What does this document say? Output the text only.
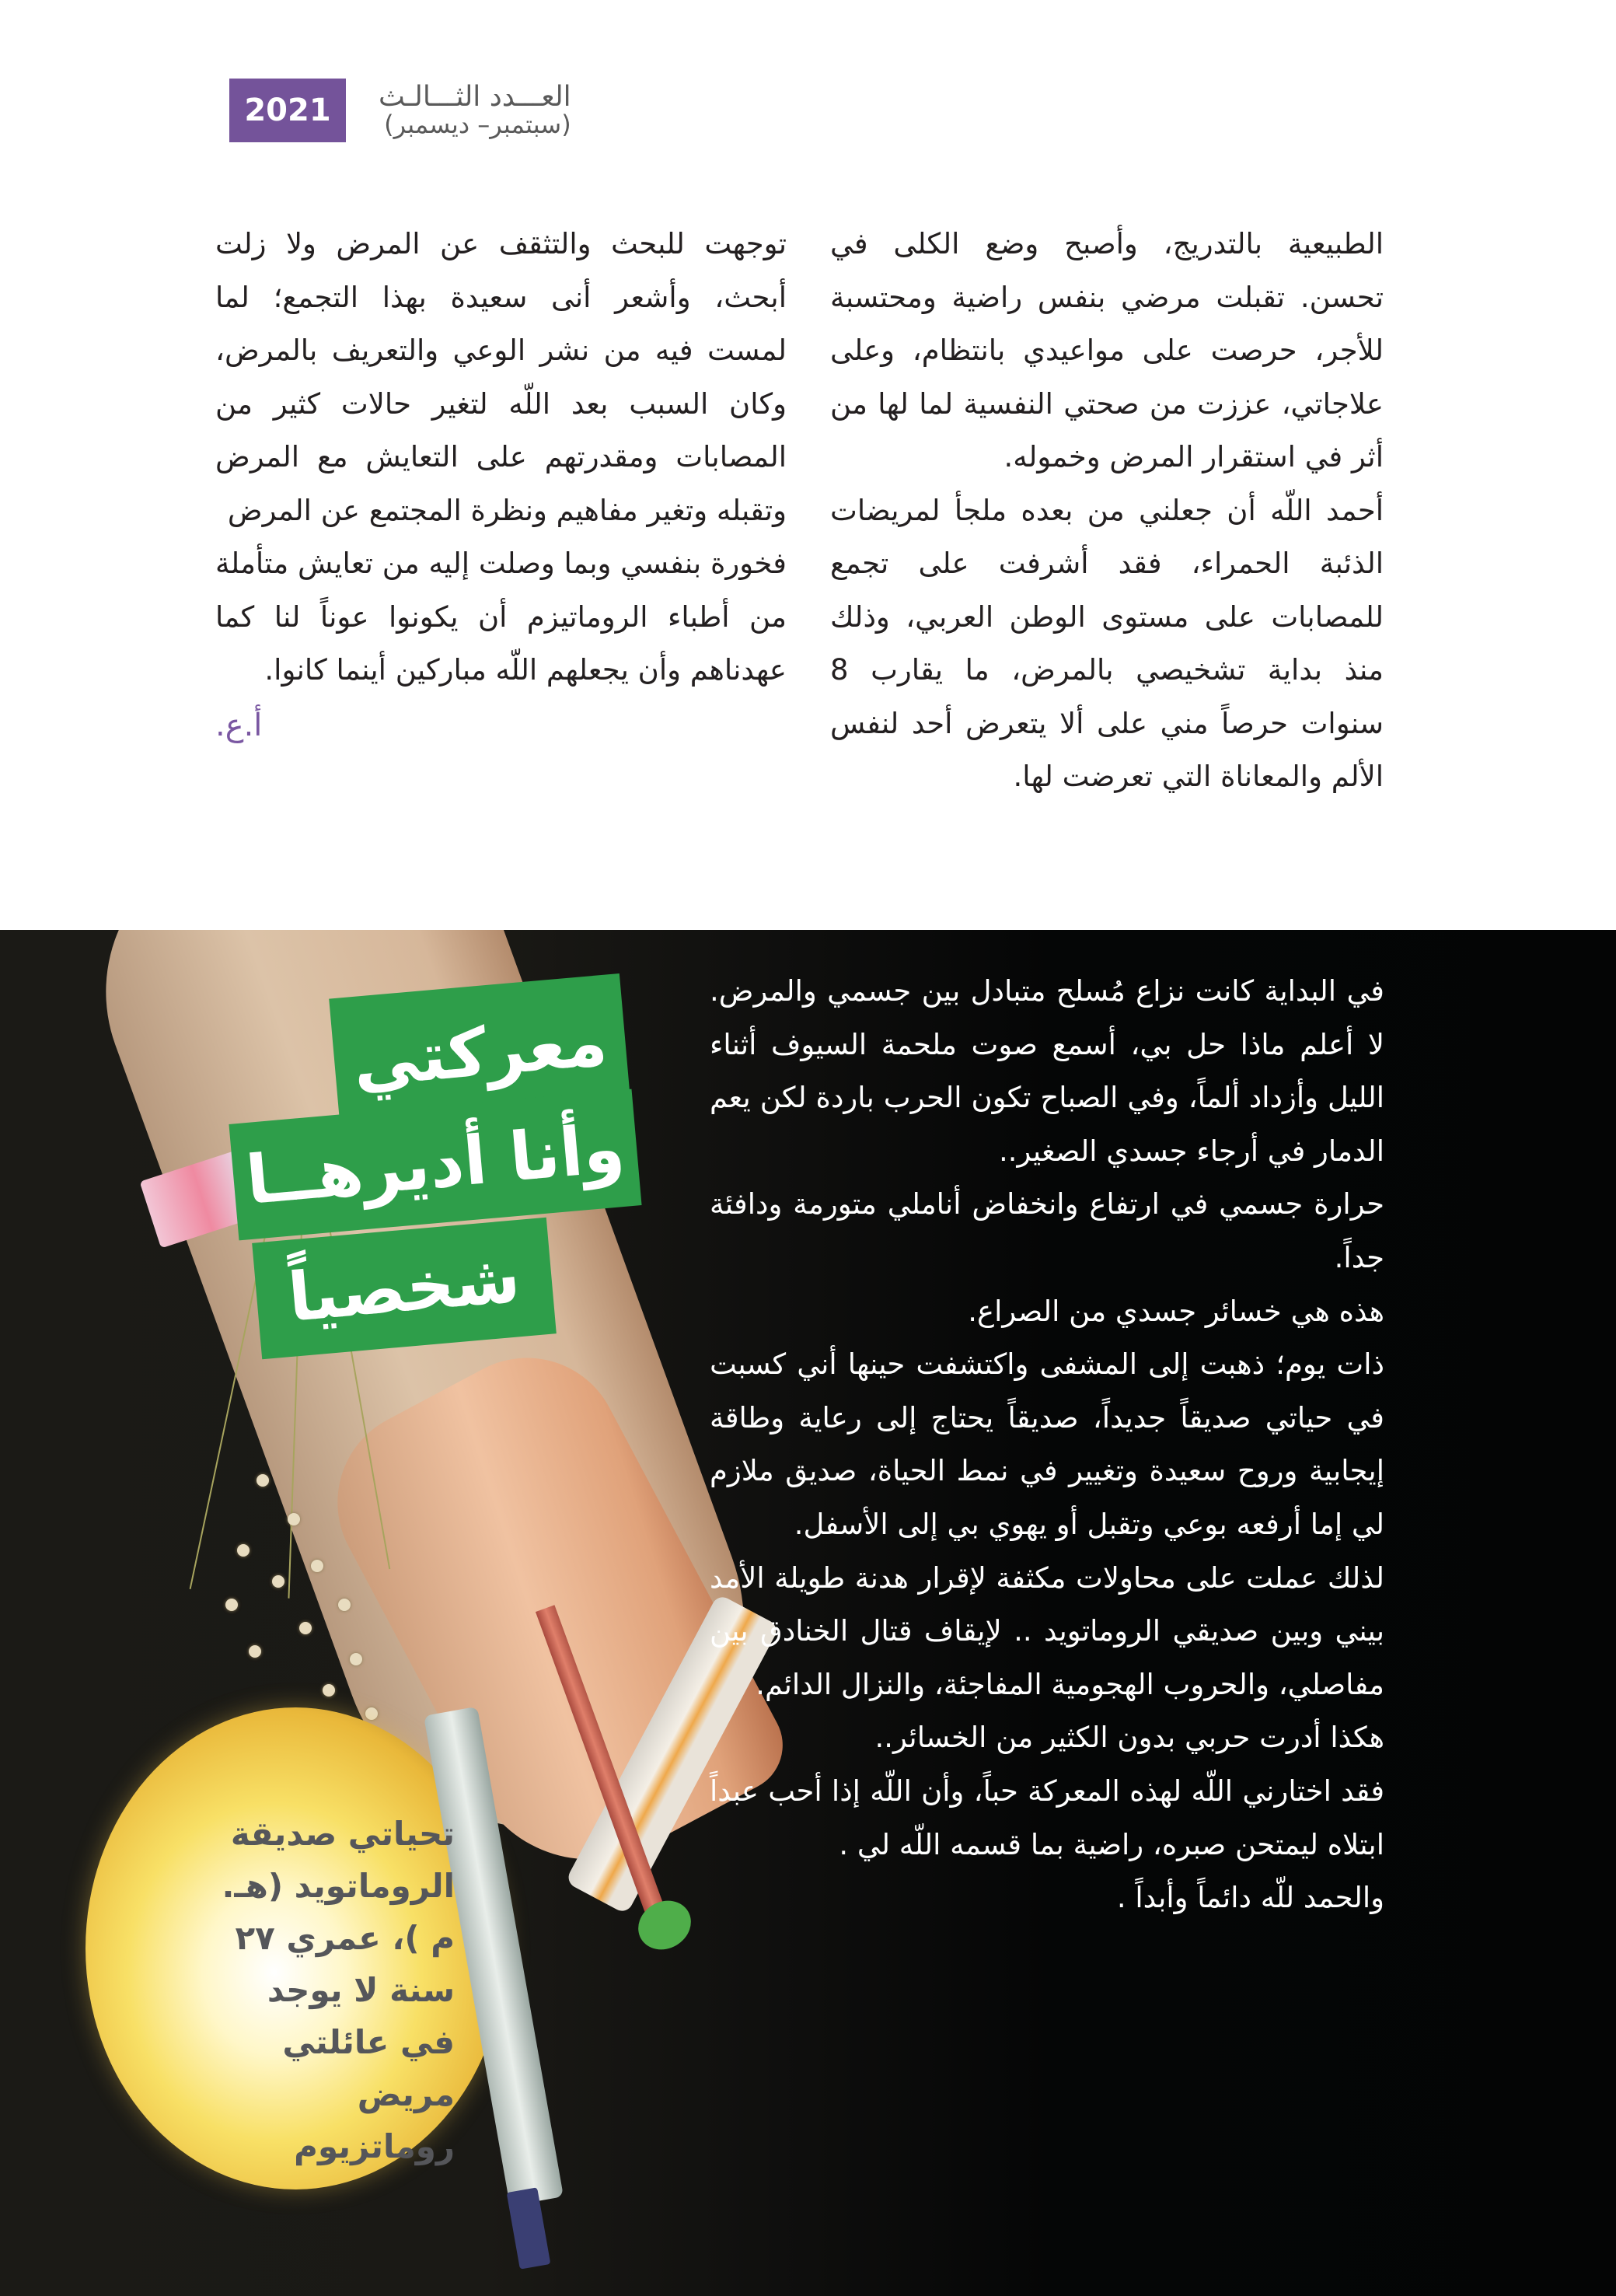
2021	العـــدد الثـــالـث
(سبتمبر– ديسمبر)

الطبيعية بالتدريج، وأصبح وضع الكلى في تحسن. تقبلت مرضي بنفس راضية ومحتسبة للأجر، حرصت على مواعيدي بانتظام، وعلى علاجاتي، عززت من صحتي النفسية لما لها من أثر في استقرار المرض وخموله.

أحمد اللّه أن جعلني من بعده ملجأ لمريضات الذئبة الحمراء، فقد أشرفت على تجمع للمصابات على مستوى الوطن العربي، وذلك منذ بداية تشخيصي بالمرض، ما يقارب 8 سنوات حرصاً مني على ألا يتعرض أحد لنفس الألم والمعاناة التي تعرضت لها.

توجهت للبحث والتثقف عن المرض ولا زلت أبحث، وأشعر أنى سعيدة بهذا التجمع؛ لما لمست فيه من نشر الوعي والتعريف بالمرض، وكان السبب بعد اللّه لتغير حالات كثير من المصابات ومقدرتهم على التعايش مع المرض وتقبله وتغير مفاهيم ونظرة المجتمع عن المرض

فخورة بنفسي وبما وصلت إليه من تعايش متأملة من أطباء الروماتيزم أن يكونوا عوناً لنا كما عهدناهم وأن يجعلهم اللّه مباركين أينما كانوا.

أ.ع.
معركتي
وأنا أديرهــا
شخصياً
تحياتي صديقة الروماتويد (هـ. م )، عمري ٢٧ سنة لا يوجد في عائلتي مريض روماتزيوم

في البداية كانت نزاع مُسلح متبادل بين جسمي والمرض. لا أعلم ماذا حل بي، أسمع صوت ملحمة السيوف أثناء الليل وأزداد ألماً، وفي الصباح تكون الحرب باردة لكن يعم الدمار في أرجاء جسدي الصغير..

حرارة جسمي في ارتفاع وانخفاض أناملي متورمة ودافئة جداً.

هذه هي خسائر جسدي من الصراع.

ذات يوم؛ ذهبت إلى المشفى واكتشفت حينها أني كسبت في حياتي صديقاً جديداً، صديقاً يحتاج إلى رعاية وطاقة إيجابية وروح سعيدة وتغيير في نمط الحياة، صديق ملازم لي إما أرفعه بوعي وتقبل أو يهوي بي إلى الأسفل.

لذلك عملت على محاولات مكثفة لإقرار هدنة طويلة الأمد بيني وبين صديقي الروماتويد .. لإيقاف قتال الخنادق بين مفاصلي، والحروب الهجومية المفاجئة، والنزال الدائم.

هكذا أدرت حربي بدون الكثير من الخسائر..

فقد اختارني اللّه لهذه المعركة حباً، وأن اللّه إذا أحب عبداً ابتلاه ليمتحن صبره، راضية بما قسمه اللّه لي .

والحمد للّه دائماً وأبداً .
